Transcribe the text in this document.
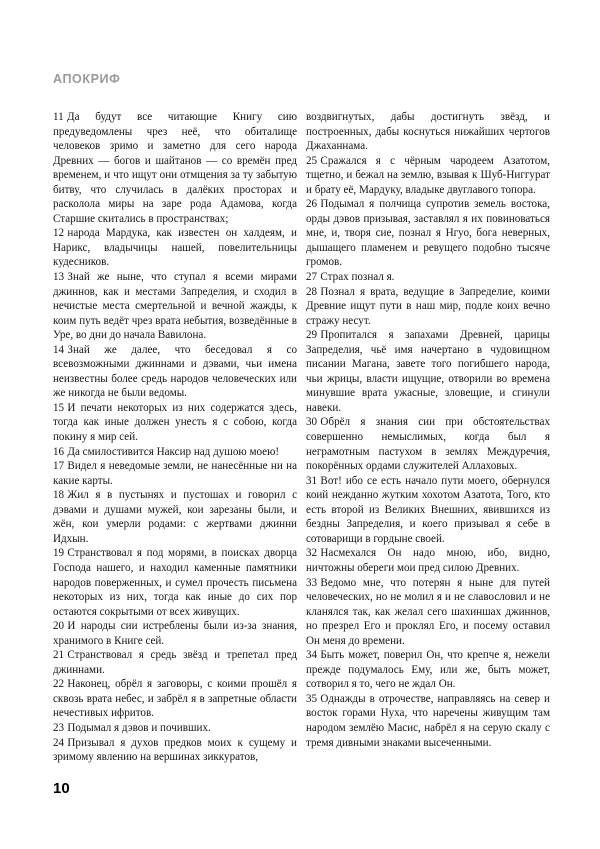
АПОКРИФ

11 Да будут все читающие Книгу сию предуведомлены чрез неё, что обиталище человеков зримо и заметно для сего народа Древних — богов и шайтанов — со времён пред временем, и что ищут они отмщения за ту забытую битву, что случилась в далёких просторах и расколола миры на заре рода Адамова, когда Старшие скитались в пространствах;

12 народа Мардука, как известен он халдеям, и Нарикс, владычицы нашей, повелительницы кудесников.

13 Знай же ныне, что ступал я всеми мирами джиннов, как и местами Запределия, и сходил в нечистые места смертельной и вечной жажды, к коим путь ведёт чрез врата небытия, возведённые в Уре, во дни до начала Вавилона.

14 Знай же далее, что беседовал я со всевозможными джиннами и дэвами, чьи имена неизвестны более средь народов человеческих или же никогда не были ведомы.

15 И печати некоторых из них содержатся здесь, тогда как иные должен унесть я с собою, когда покину я мир сей.

16 Да смилостивится Наксир над душою моею!

17 Видел я неведомые земли, не нанесённые ни на какие карты.

18 Жил я в пустынях и пустошах и говорил с дэвами и душами мужей, кои зарезаны были, и жён, кои умерли родами: с жертвами джинни Идхын.

19 Странствовал я под морями, в поисках дворца Господа нашего, и находил каменные памятники народов поверженных, и сумел прочесть письмена некоторых из них, тогда как иные до сих пор остаются сокрытыми от всех живущих.

20 И народы сии истреблены были из-за знания, хранимого в Книге сей.

21 Странствовал я средь звёзд и трепетал пред джиннами.

22 Наконец, обрёл я заговоры, с коими прошёл я сквозь врата небес, и забрёл я в запретные области нечестивых ифритов.

23 Подымал я дэвов и почивших.

24 Призывал я духов предков моих к сущему и зримому явлению на вершинах зиккуратов,

воздвигнутых, дабы достигнуть звёзд, и построенных, дабы коснуться нижайших чертогов Джаханнама.

25 Сражался я с чёрным чародеем Азатотом, тщетно, и бежал на землю, взывая к Шуб-Ниггурат и брату её, Мардуку, владыке двуглавого топора.

26 Подымал я полчища супротив земель востока, орды дэвов призывая, заставлял я их повиноваться мне, и, творя сие, познал я Нгуо, бога неверных, дышащего пламенем и ревущего подобно тысяче громов.

27 Страх познал я.

28 Познал я врата, ведущие в Запределие, коими Древние ищут пути в наш мир, подле коих вечно стражу несут.

29 Пропитался я запахами Древней, царицы Запределия, чьё имя начертано в чудовищном писании Магана, завете того погибшего народа, чьи жрицы, власти ищущие, отворили во времена минувшие врата ужасные, зловещие, и сгинули навеки.

30 Обрёл я знания сии при обстоятельствах совершенно немыслимых, когда был я неграмотным пастухом в землях Междуречия, покорённых ордами служителей Аллаховых.

31 Вот! ибо се есть начало пути моего, обернулся коий нежданно жутким хохотом Азатота, Того, кто есть второй из Великих Внешних, явившихся из бездны Запределия, и коего призывал я себе в сотоварищи в гордыне своей.

32 Насмехался Он надо мною, ибо, видно, ничтожны обереги мои пред силою Древних.

33 Ведомо мне, что потерян я ныне для путей человеческих, но не молил я и не славословил и не кланялся так, как желал сего шахиншах джиннов, но презрел Его и проклял Его, и посему оставил Он меня до времени.

34 Быть может, поверил Он, что крепче я, нежели прежде подумалось Ему, или же, быть может, сотворил я то, чего не ждал Он.

35 Однажды в отрочестве, направляясь на север и восток горами Нуха, что наречены живущим там народом землёю Масис, набрёл я на серую скалу с тремя дивными знаками высеченными.

10
